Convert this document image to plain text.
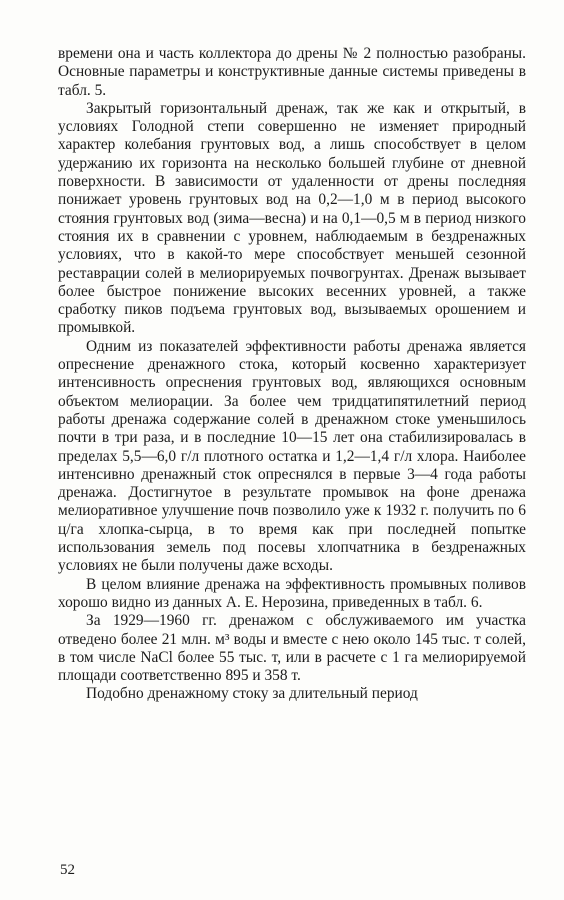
времени она и часть коллектора до дрены № 2 полностью разобраны. Основные параметры и конструктивные данные системы приведены в табл. 5.

Закрытый горизонтальный дренаж, так же как и открытый, в условиях Голодной степи совершенно не изменяет природный характер колебания грунтовых вод, а лишь способствует в целом удержанию их горизонта на несколько большей глубине от дневной поверхности. В зависимости от удаленности от дрены последняя понижает уровень грунтовых вод на 0,2—1,0 м в период высокого стояния грунтовых вод (зима—весна) и на 0,1—0,5 м в период низкого стояния их в сравнении с уровнем, наблюдаемым в бездренажных условиях, что в какой-то мере способствует меньшей сезонной реставрации солей в мелиорируемых почвогрунтах. Дренаж вызывает более быстрое понижение высоких весенних уровней, а также сработку пиков подъема грунтовых вод, вызываемых орошением и промывкой.

Одним из показателей эффективности работы дренажа является опреснение дренажного стока, который косвенно характеризует интенсивность опреснения грунтовых вод, являющихся основным объектом мелиорации. За более чем тридцатипятилетний период работы дренажа содержание солей в дренажном стоке уменьшилось почти в три раза, и в последние 10—15 лет она стабилизировалась в пределах 5,5—6,0 г/л плотного остатка и 1,2—1,4 г/л хлора. Наиболее интенсивно дренажный сток опреснялся в первые 3—4 года работы дренажа. Достигнутое в результате промывок на фоне дренажа мелиоративное улучшение почв позволило уже к 1932 г. получить по 6 ц/га хлопка-сырца, в то время как при последней попытке использования земель под посевы хлопчатника в бездренажных условиях не были получены даже всходы.

В целом влияние дренажа на эффективность промывных поливов хорошо видно из данных А. Е. Нерозина, приведенных в табл. 6.

За 1929—1960 гг. дренажом с обслуживаемого им участка отведено более 21 млн. м³ воды и вместе с нею около 145 тыс. т солей, в том числе NaCl более 55 тыс. т, или в расчете с 1 га мелиорируемой площади соответственно 895 и 358 т.

Подобно дренажному стоку за длительный период

52
